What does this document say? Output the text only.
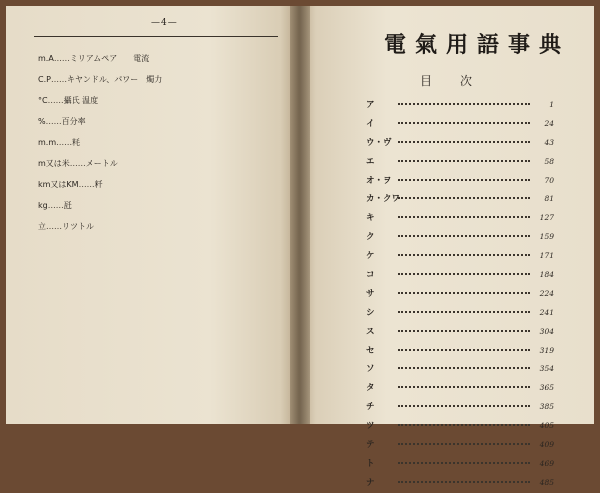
—4—
m.A……ミリアムペア　　電流
C.P……キヤンドル、パワー　燭力
°C……攝氏 温度
%……百分率
m.m……粍
m又は米……メートル
km又はKM……粁
kg……瓩
立……リツトル
電氣用語事典
目次
ア	1
イ	24
ウ・ヴ	43
エ	58
オ・ヲ	70
カ・クワ	81
キ	127
ク	159
ケ	171
コ	184
サ	224
シ	241
ス	304
セ	319
ソ	354
タ	365
チ	385
ツ	405
テ	409
ト	469
ナ	485
